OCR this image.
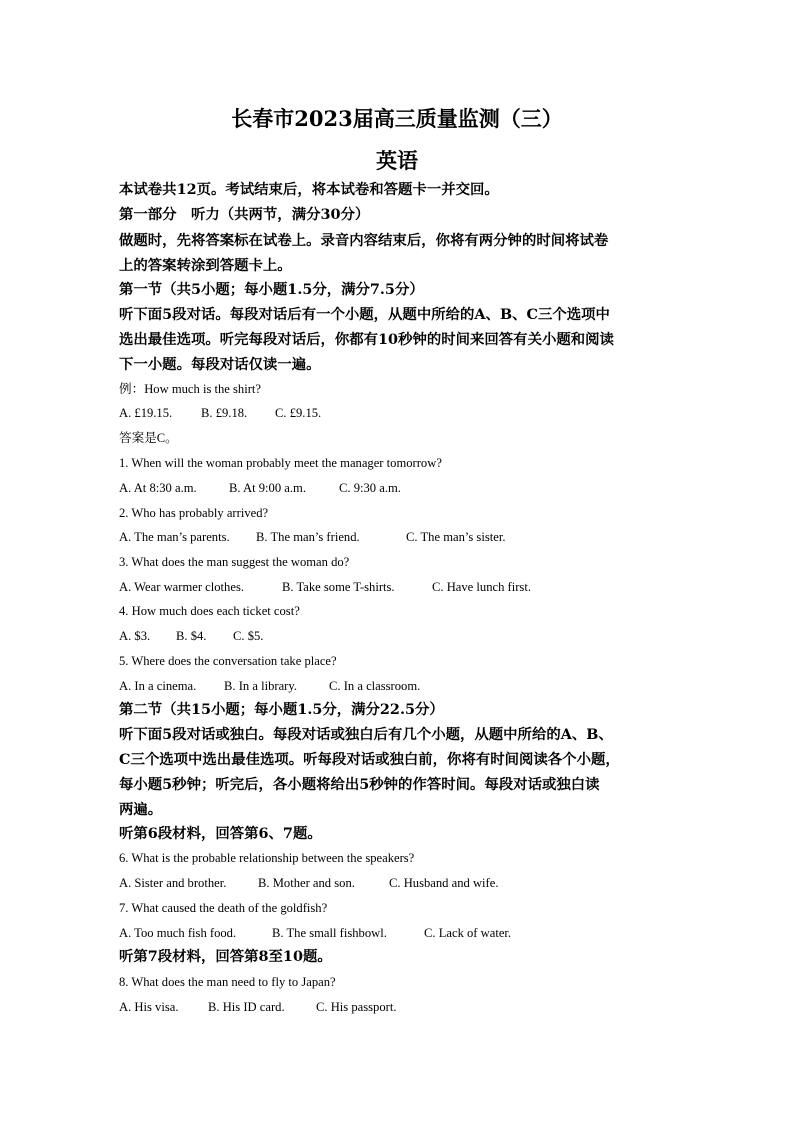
长春市2023届高三质量监测（三）
英语
本试卷共12页。考试结束后，将本试卷和答题卡一并交回。
第一部分　听力（共两节，满分30分）
做题时，先将答案标在试卷上。录音内容结束后，你将有两分钟的时间将试卷
上的答案转涂到答题卡上。
第一节（共5小题；每小题1.5分，满分7.5分）
听下面5段对话。每段对话后有一个小题，从题中所给的A、B、C三个选项中
选出最佳选项。听完每段对话后，你都有10秒钟的时间来回答有关小题和阅读
下一小题。每段对话仅读一遍。
例：How much is the shirt?
A. £19.15. B. £9.18. C. £9.15.
答案是C。
1. When will the woman probably meet the manager tomorrow?
A. At 8:30 a.m.	B. At 9:00 a.m.	C. 9:30 a.m.
2. Who has probably arrived?
A. The man’s parents. B. The man’s friend.	C. The man’s sister.
3. What does the man suggest the woman do?
A. Wear warmer clothes.	B. Take some T-shirts.	C. Have lunch first.
4. How much does each ticket cost?
A. $3. B. $4. C. $5.
5. Where does the conversation take place?
A. In a cinema. B. In a library.	C. In a classroom.
第二节（共15小题；每小题1.5分，满分22.5分）
听下面5段对话或独白。每段对话或独白后有几个小题，从题中所给的A、B、
C三个选项中选出最佳选项。听每段对话或独白前，你将有时间阅读各个小题，
每小题5秒钟；听完后，各小题将给出5秒钟的作答时间。每段对话或独白读
两遍。
听第6段材料，回答第6、7题。
6. What is the probable relationship between the speakers?
A. Sister and brother.	B. Mother and son.	C. Husband and wife.
7. What caused the death of the goldfish?
A. Too much fish food.	B. The small fishbowl.	C. Lack of water.
听第7段材料，回答第8至10题。
8. What does the man need to fly to Japan?
A. His visa. B. His ID card. C. His passport.
